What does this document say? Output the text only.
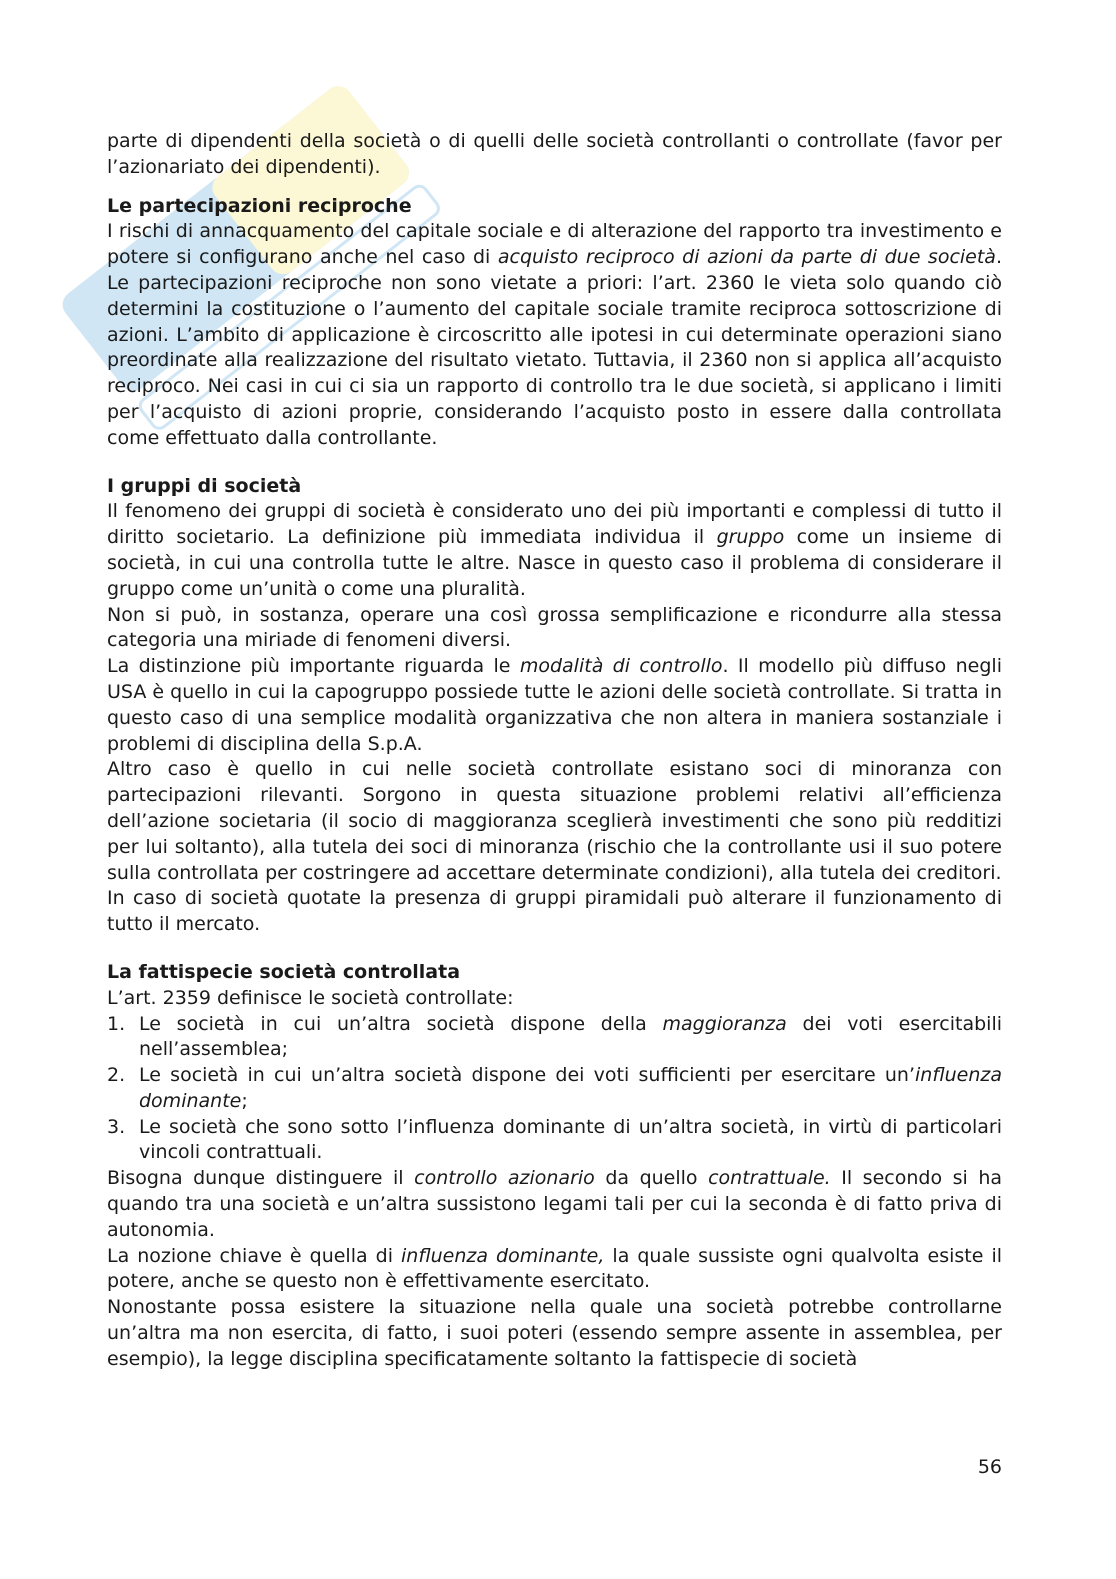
parte di dipendenti della società o di quelli delle società controllanti o controllate (favor per l’azionariato dei dipendenti).

Le partecipazioni reciproche

I rischi di annacquamento del capitale sociale e di alterazione del rapporto tra investimento e potere si configurano anche nel caso di acquisto reciproco di azioni da parte di due società. Le partecipazioni reciproche non sono vietate a priori: l’art. 2360 le vieta solo quando ciò determini la costituzione o l’aumento del capitale sociale tramite reciproca sottoscrizione di azioni. L’ambito di applicazione è circoscritto alle ipotesi in cui determinate operazioni siano preordinate alla realizzazione del risultato vietato. Tuttavia, il 2360 non si applica all’acquisto reciproco. Nei casi in cui ci sia un rapporto di controllo tra le due società, si applicano i limiti per l’acquisto di azioni proprie, considerando l’acquisto posto in essere dalla controllata come effettuato dalla controllante.

I gruppi di società

Il fenomeno dei gruppi di società è considerato uno dei più importanti e complessi di tutto il diritto societario. La definizione più immediata individua il gruppo come un insieme di società, in cui una controlla tutte le altre. Nasce in questo caso il problema di considerare il gruppo come un’unità o come una pluralità.

Non si può, in sostanza, operare una così grossa semplificazione e ricondurre alla stessa categoria una miriade di fenomeni diversi.

La distinzione più importante riguarda le modalità di controllo. Il modello più diffuso negli USA è quello in cui la capogruppo possiede tutte le azioni delle società controllate. Si tratta in questo caso di una semplice modalità organizzativa che non altera in maniera sostanziale i problemi di disciplina della S.p.A.

Altro caso è quello in cui nelle società controllate esistano soci di minoranza con partecipazioni rilevanti. Sorgono in questa situazione problemi relativi all’efficienza dell’azione societaria (il socio di maggioranza sceglierà investimenti che sono più redditizi per lui soltanto), alla tutela dei soci di minoranza (rischio che la controllante usi il suo potere sulla controllata per costringere ad accettare determinate condizioni), alla tutela dei creditori.

In caso di società quotate la presenza di gruppi piramidali può alterare il funzionamento di tutto il mercato.

La fattispecie società controllata

L’art. 2359 definisce le società controllate:

1. Le società in cui un’altra società dispone della maggioranza dei voti esercitabili nell’assemblea;
2. Le società in cui un’altra società dispone dei voti sufficienti per esercitare un’influenza dominante;
3. Le società che sono sotto l’influenza dominante di un’altra società, in virtù di particolari vincoli contrattuali.

Bisogna dunque distinguere il controllo azionario da quello contrattuale. Il secondo si ha quando tra una società e un’altra sussistono legami tali per cui la seconda è di fatto priva di autonomia.

La nozione chiave è quella di influenza dominante, la quale sussiste ogni qualvolta esiste il potere, anche se questo non è effettivamente esercitato.

Nonostante possa esistere la situazione nella quale una società potrebbe controllarne un’altra ma non esercita, di fatto, i suoi poteri (essendo sempre assente in assemblea, per esempio), la legge disciplina specificatamente soltanto la fattispecie di società

56
